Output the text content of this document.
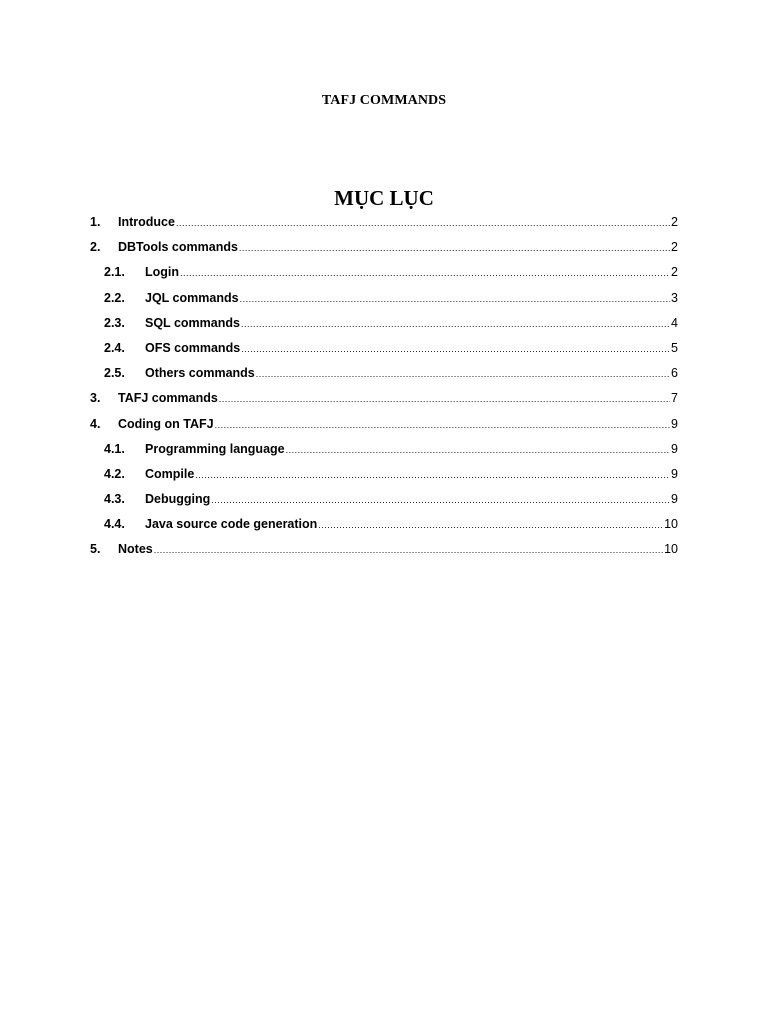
TAFJ COMMANDS
MỤC LỤC
1.	Introduce .....	2
2.	DBTools commands .....	2
2.1.	Login .....	2
2.2.	JQL commands .....	3
2.3.	SQL commands .....	4
2.4.	OFS commands .....	5
2.5.	Others commands .....	6
3.	TAFJ commands .....	7
4.	Coding on TAFJ .....	9
4.1.	Programming language .....	9
4.2.	Compile .....	9
4.3.	Debugging .....	9
4.4.	Java source code generation .....	10
5.	Notes .....	10
